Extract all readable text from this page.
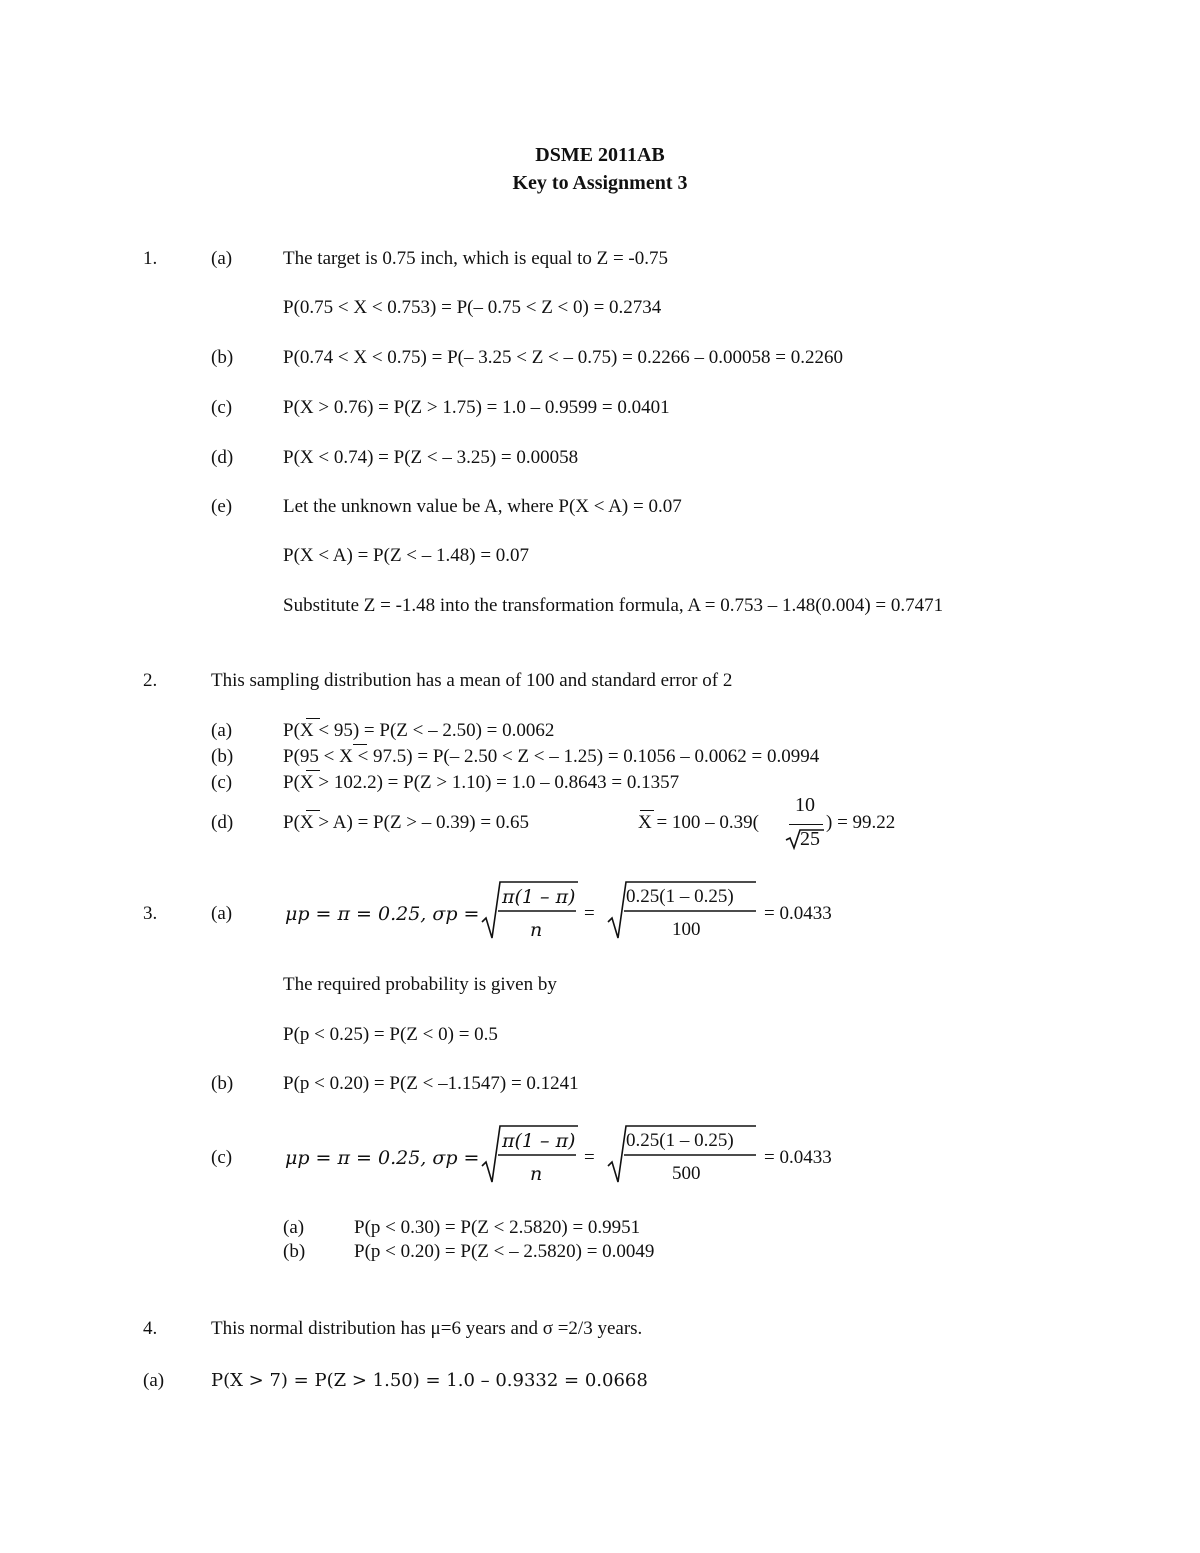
DSME 2011AB
Key to Assignment 3
1.	(a)	The target is 0.75 inch, which is equal to Z = -0.75
P(0.75 < X < 0.753) = P(– 0.75 < Z < 0) = 0.2734
(b)	P(0.74 < X < 0.75) = P(– 3.25 < Z < – 0.75) = 0.2266 – 0.00058 = 0.2260
(c)	P(X > 0.76) = P(Z > 1.75) = 1.0 – 0.9599 = 0.0401
(d)	P(X < 0.74) = P(Z < – 3.25) = 0.00058
(e)	Let the unknown value be A, where P(X < A) = 0.07
P(X < A) = P(Z < – 1.48) = 0.07
Substitute Z = -1.48 into the transformation formula, A = 0.753 – 1.48(0.004) = 0.7471
2.	This sampling distribution has a mean of 100 and standard error of 2
(a)	P(X < 95) = P(Z < – 2.50) = 0.0062
(b)	P(95 < X < 97.5) = P(– 2.50 < Z < – 1.25) = 0.1056 – 0.0062 = 0.0994
(c)	P(X > 102.2) = P(Z > 1.10) = 1.0 – 0.8643 = 0.1357
(d)	P(X > A) = P(Z > – 0.39) = 0.65	X = 100 – 0.39(
10
25
) = 99.22
3.	(a)	μp = π = 0.25, σp =
π(1 – π)
n
=
0.25(1 – 0.25)
100
= 0.0433
The required probability is given by
P(p < 0.25) = P(Z < 0) = 0.5
(b)	P(p < 0.20) = P(Z < –1.1547) = 0.1241
(c)	μp = π = 0.25, σp =
π(1 – π)
n
=
0.25(1 – 0.25)
500
= 0.0433
(a)	P(p < 0.30) = P(Z < 2.5820) = 0.9951
(b)	P(p < 0.20) = P(Z < – 2.5820) = 0.0049
4.	This normal distribution has μ=6 years and σ =2/3 years.
(a)	P(X > 7) = P(Z > 1.50) = 1.0 – 0.9332 = 0.0668
